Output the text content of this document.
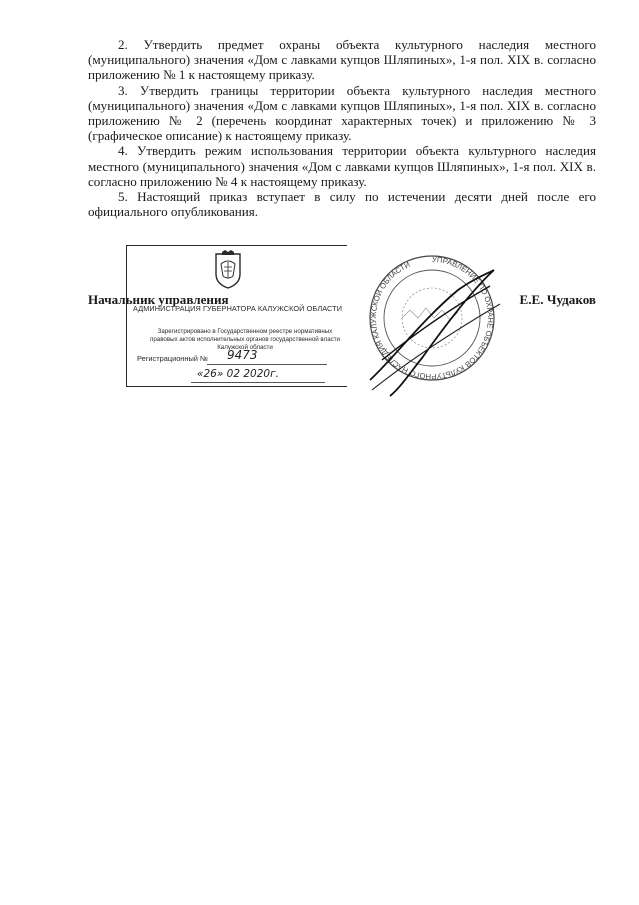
·

2. Утвердить предмет охраны объекта культурного наследия местного (муниципального) значения «Дом с лавками купцов Шляпиных», 1-я пол. XIX в. согласно приложению № 1 к настоящему приказу.

3. Утвердить границы территории объекта культурного наследия местного (муниципального) значения «Дом с лавками купцов Шляпиных», 1-я пол. XIX в. согласно приложению № 2 (перечень координат характерных точек) и приложению № 3 (графическое описание) к настоящему приказу.

4. Утвердить режим использования территории объекта культурного наследия местного (муниципального) значения «Дом с лавками купцов Шляпиных», 1-я пол. XIX в. согласно приложению № 4 к настоящему приказу.

5. Настоящий приказ вступает в силу по истечении десяти дней после его официального опубликования.

АДМИНИСТРАЦИЯ ГУБЕРНАТОРА КАЛУЖСКОЙ ОБЛАСТИ
Зарегистрировано в Государственном реестре нормативных правовых актов исполнительных органов государственной власти Калужской области
Регистрационный № 9473
«26» 02 2020г.
Начальник управления	Е.Е. Чудаков
УПРАВЛЕНИЕ ПО ОХРАНЕ ОБЪЕКТОВ КУЛЬТУРНОГО НАСЛЕДИЯ КАЛУЖСКОЙ ОБЛАСТИ
